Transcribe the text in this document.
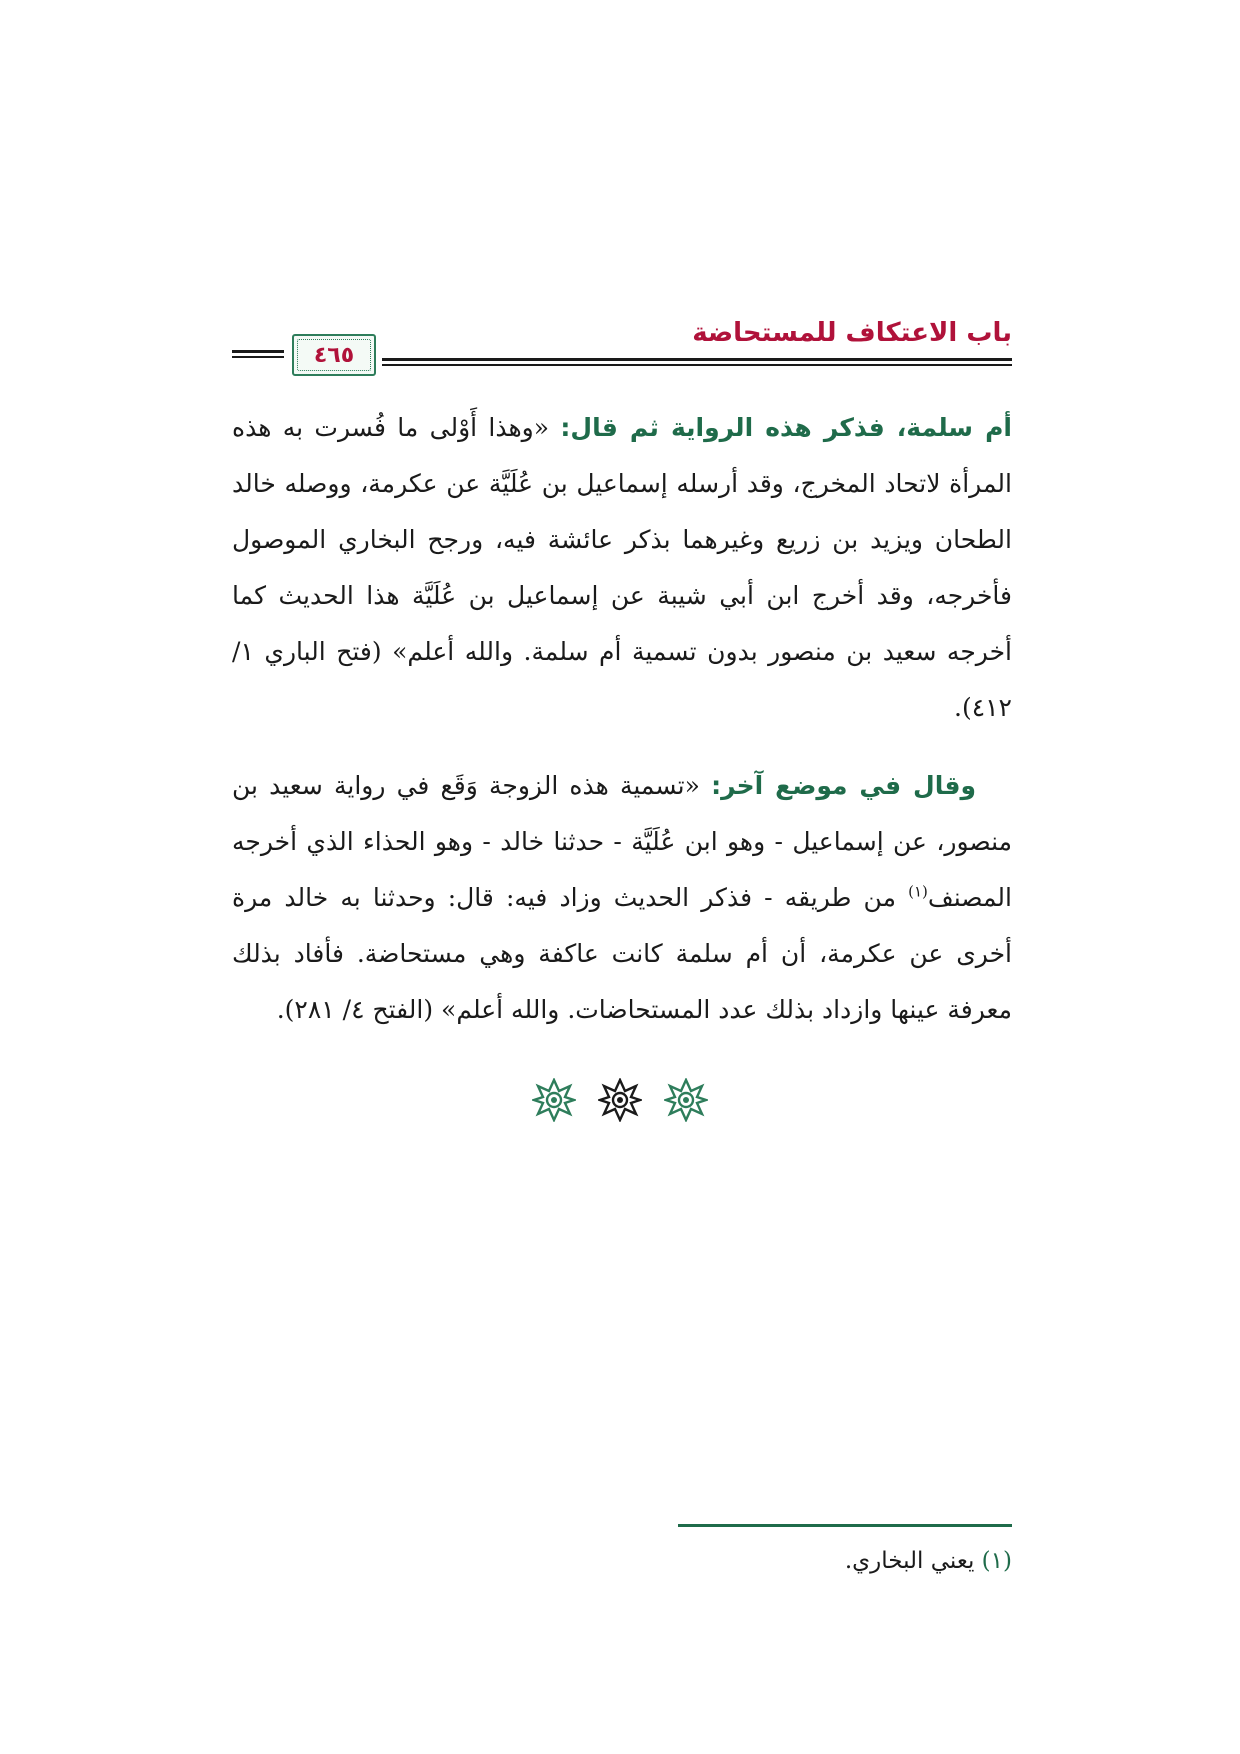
باب الاعتكاف للمستحاضة
٤٦٥

أم سلمة، فذكر هذه الرواية ثم قال: «وهذا أَوْلى ما فُسرت به هذه المرأة لاتحاد المخرج، وقد أرسله إسماعيل بن عُلَيَّة عن عكرمة، ووصله خالد الطحان ويزيد بن زريع وغيرهما بذكر عائشة فيه، ورجح البخاري الموصول فأخرجه، وقد أخرج ابن أبي شيبة عن إسماعيل بن عُلَيَّة هذا الحديث كما أخرجه سعيد بن منصور بدون تسمية أم سلمة. والله أعلم» (فتح الباري ١/ ٤١٢).

وقال في موضع آخر: «تسمية هذه الزوجة وَقَع في رواية سعيد بن منصور، عن إسماعيل - وهو ابن عُلَيَّة - حدثنا خالد - وهو الحذاء الذي أخرجه المصنف$^{(١)}$ من طريقه - فذكر الحديث وزاد فيه: قال: وحدثنا به خالد مرة أخرى عن عكرمة، أن أم سلمة كانت عاكفة وهي مستحاضة. فأفاد بذلك معرفة عينها وازداد بذلك عدد المستحاضات. والله أعلم» (الفتح ٤/ ٢٨١).

(١) يعني البخاري.
